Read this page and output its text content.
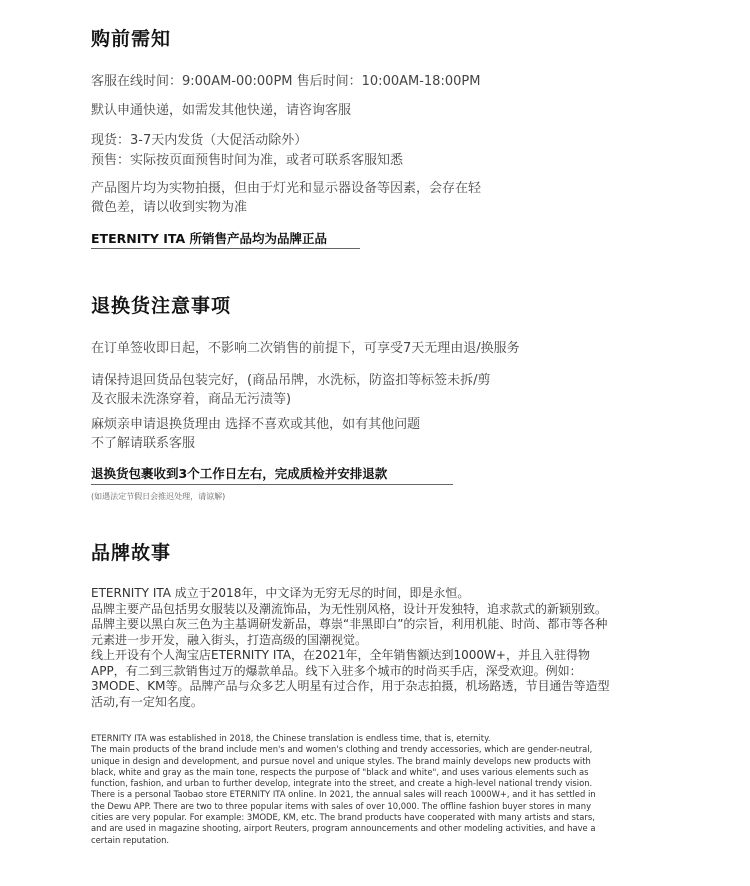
购前需知
客服在线时间：9:00AM-00:00PM 售后时间：10:00AM-18:00PM
默认申通快递，如需发其他快递，请咨询客服
现货：3-7天内发货（大促活动除外）
预售：实际按页面预售时间为准，或者可联系客服知悉
产品图片均为实物拍摄，但由于灯光和显示器设备等因素，会存在轻
微色差，请以收到实物为准
ETERNITY ITA 所销售产品均为品牌正品
退换货注意事项
在订单签收即日起，不影响二次销售的前提下，可享受7天无理由退/换服务
请保持退回货品包装完好，(商品吊牌，水洗标，防盗扣等标签未拆/剪
及衣服未洗涤穿着，商品无污渍等)
麻烦亲申请退换货理由 选择不喜欢或其他，如有其他问题
不了解请联系客服
退换货包裹收到3个工作日左右，完成质检并安排退款
(如遇法定节假日会推迟处理，请谅解)
品牌故事

ETERNITY ITA 成立于2018年，中文译为无穷无尽的时间，即是永恒。

品牌主要产品包括男女服装以及潮流饰品，为无性别风格，设计开发独特，追求款式的新颖别致。品牌主要以黑白灰三色为主基调研发新品，尊崇“非黑即白”的宗旨，利用机能、时尚、都市等各种元素进一步开发，融入街头，打造高级的国潮视觉。

线上开设有个人淘宝店ETERNITY ITA，在2021年，全年销售额达到1000W+，并且入驻得物APP，有二到三款销售过万的爆款单品。线下入驻多个城市的时尚买手店，深受欢迎。例如：3MODE、KM等。品牌产品与众多艺人明星有过合作，用于杂志拍摄，机场路透，节目通告等造型活动,有一定知名度。

ETERNITY ITA was established in 2018, the Chinese translation is endless time, that is, eternity.

The main products of the brand include men's and women's clothing and trendy accessories, which are gender-neutral, unique in design and development, and pursue novel and unique styles. The brand mainly develops new products with black, white and gray as the main tone, respects the purpose of "black and white", and uses various elements such as function, fashion, and urban to further develop, integrate into the street, and create a high-level national trendy vision.

There is a personal Taobao store ETERNITY ITA online. In 2021, the annual sales will reach 1000W+, and it has settled in the Dewu APP. There are two to three popular items with sales of over 10,000. The offline fashion buyer stores in many cities are very popular. For example: 3MODE, KM, etc. The brand products have cooperated with many artists and stars, and are used in magazine shooting, airport Reuters, program announcements and other modeling activities, and have a certain reputation.
